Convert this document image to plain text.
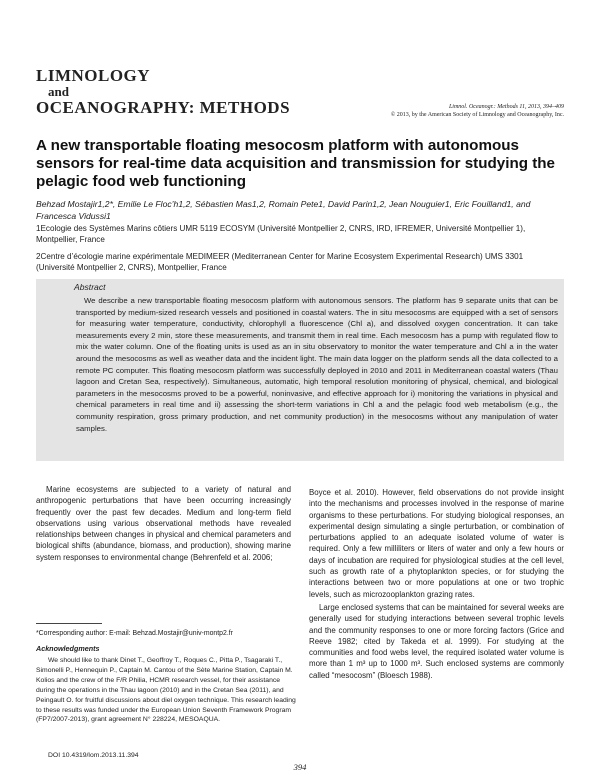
LIMNOLOGY
and
OCEANOGRAPHY: METHODS	Limnol. Oceanogr.: Methods 11, 2013, 394–409
© 2013, by the American Society of Limnology and Oceanography, Inc.
A new transportable floating mesocosm platform with autonomous sensors for real-time data acquisition and transmission for studying the pelagic food web functioning
Behzad Mostajir1,2*, Emilie Le Floc’h1,2, Sébastien Mas1,2, Romain Pete1, David Parin1,2, Jean Nouguier1, Eric Fouilland1, and Francesca Vidussi1
1Ecologie des Systèmes Marins côtiers UMR 5119 ECOSYM (Université Montpellier 2, CNRS, IRD, IFREMER, Université Montpellier 1), Montpellier, France
2Centre d’écologie marine expérimentale MEDIMEER (Mediterranean Center for Marine Ecosystem Experimental Research) UMS 3301 (Université Montpellier 2, CNRS), Montpellier, France
Abstract
We describe a new transportable floating mesocosm platform with autonomous sensors. The platform has 9 separate units that can be transported by medium-sized research vessels and positioned in coastal waters. The in situ mesocosms are equipped with a set of sensors for measuring water temperature, conductivity, chlorophyll a fluorescence (Chl a), and dissolved oxygen concentration. It can take measurements every 2 min, store these measurements, and transmit them in real time. Each mesocosm has a pump with regulated flow to mix the water column. One of the floating units is used as an in situ observatory to monitor the water temperature and Chl a in the water around the mesocosms as well as weather data and the incident light. The main data logger on the platform sends all the data collected to a remote PC computer. This floating mesocosm platform was successfully deployed in 2010 and 2011 in Mediterranean coastal waters (Thau lagoon and Cretan Sea, respectively). Simultaneous, automatic, high temporal resolution monitoring of physical, chemical, and biological parameters in the mesocosms proved to be a powerful, noninvasive, and effective approach for i) monitoring the variations in physical and chemical parameters in real time and ii) assessing the short-term variations in Chl a and the pelagic food web metabolism (e.g., the community respiration, gross primary production, and net community production) in the mesocosms without any manipulation of water samples.

Marine ecosystems are subjected to a variety of natural and anthropogenic perturbations that have been occurring increasingly frequently over the past few decades. Medium and long-term field observations using various observational methods have revealed relationships between changes in physical and chemical parameters and biological shifts (abundance, biomass, and production), showing marine system responses to environmental change (Behrenfeld et al. 2006;

Boyce et al. 2010). However, field observations do not provide insight into the mechanisms and processes involved in the response of marine organisms to these perturbations. For studying biological responses, an experimental design simulating a single perturbation, or combination of perturbations applied to an adequate isolated volume of water is required. Only a few milliliters or liters of water and only a few hours or days of incubation are required for physiological studies at the cell level, such as growth rate of a phytoplankton species, or for studying the interactions between two or more populations at one or two trophic levels, such as microzooplankton grazing rates.

Large enclosed systems that can be maintained for several weeks are generally used for studying interactions between several trophic levels and the community responses to one or more forcing factors (Grice and Reeve 1982; cited by Takeda et al. 1999). For studying at the communities and food webs level, the required isolated water volume is more than 1 m³ up to 1000 m³. Such enclosed systems are commonly called “mesocosm” (Bloesch 1988).

*Corresponding author: E-mail: Behzad.Mostajir@univ-montp2.fr
Acknowledgments

We should like to thank Dinet T., Geoffroy T., Roques C., Pitta P., Tsagaraki T., Simonelli P., Hennequin P., Captain M. Cantou of the Sète Marine Station, Captain M. Kolios and the crew of the F/R Philia, HCMR research vessel, for their assistance during the operations in the Thau lagoon (2010) and in the Cretan Sea (2011), and Peingault O. for fruitful discussions about diel oxygen technique. This research leading to these results was funded under the European Union Seventh Framework Program (FP7/2007-2013), grant agreement N° 228224, MESOAQUA.

DOI 10.4319/lom.2013.11.394
394
